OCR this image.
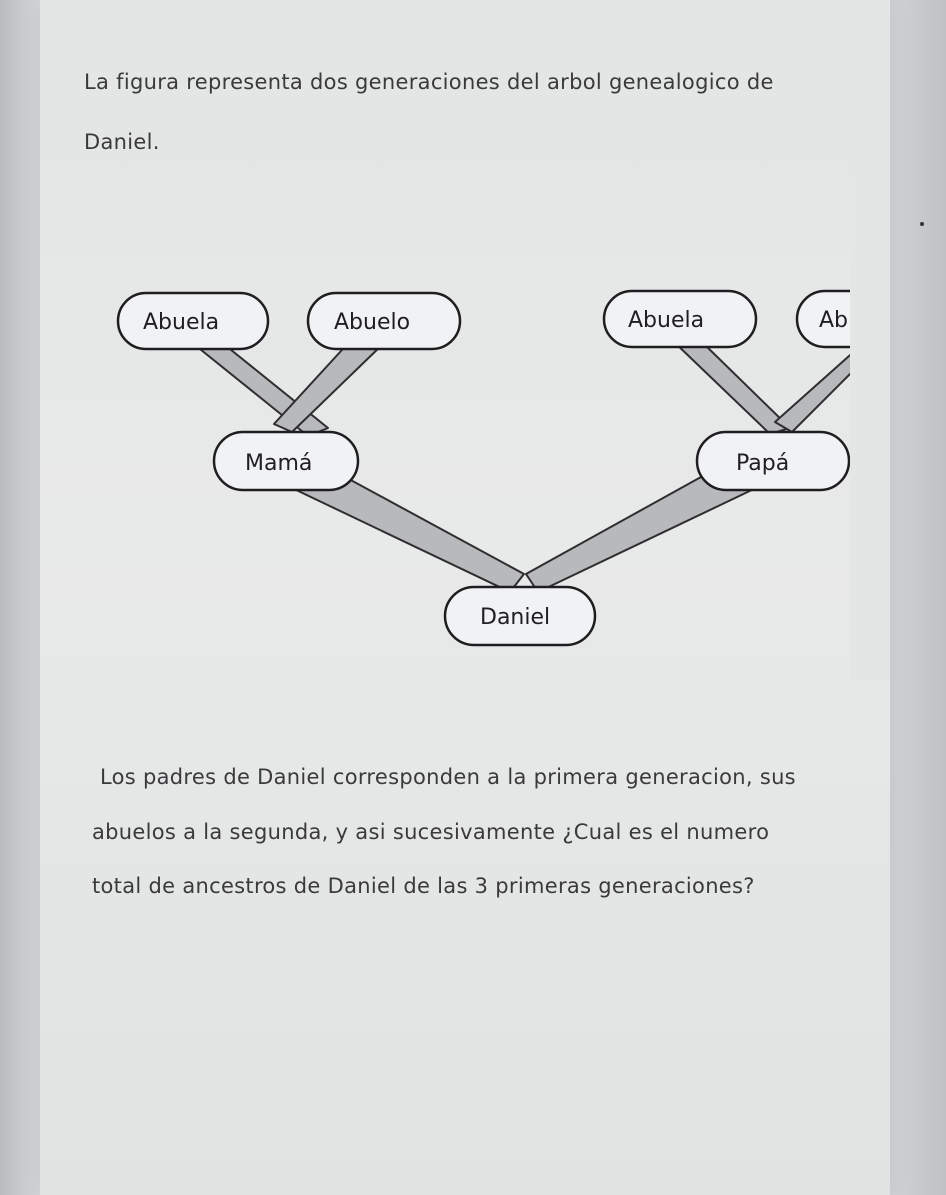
La figura representa dos generaciones del arbol genealogico de

Daniel.

Abuela	Abuelo	Abuela	Ab
Mamá	Papá
Daniel

Los padres de Daniel corresponden a la primera generacion, sus

abuelos a la segunda, y asi sucesivamente ¿Cual es el numero

total de ancestros de Daniel de las 3 primeras generaciones?
